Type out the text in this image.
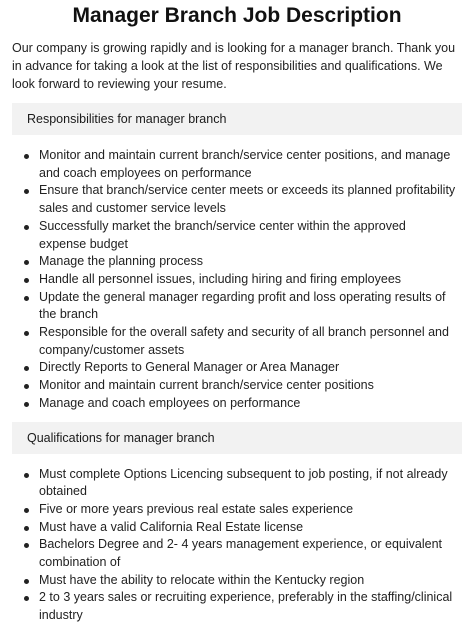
Manager Branch Job Description

Our company is growing rapidly and is looking for a manager branch. Thank you in advance for taking a look at the list of responsibilities and qualifications. We look forward to reviewing your resume.

Responsibilities for manager branch
Monitor and maintain current branch/service center positions, and manage and coach employees on performance
Ensure that branch/service center meets or exceeds its planned profitability sales and customer service levels
Successfully market the branch/service center within the approved expense budget
Manage the planning process
Handle all personnel issues, including hiring and firing employees
Update the general manager regarding profit and loss operating results of the branch
Responsible for the overall safety and security of all branch personnel and company/customer assets
Directly Reports to General Manager or Area Manager
Monitor and maintain current branch/service center positions
Manage and coach employees on performance
Qualifications for manager branch
Must complete Options Licencing subsequent to job posting, if not already obtained
Five or more years previous real estate sales experience
Must have a valid California Real Estate license
Bachelors Degree and 2- 4 years management experience, or equivalent combination of
Must have the ability to relocate within the Kentucky region
2 to 3 years sales or recruiting experience, preferably in the staffing/clinical industry
